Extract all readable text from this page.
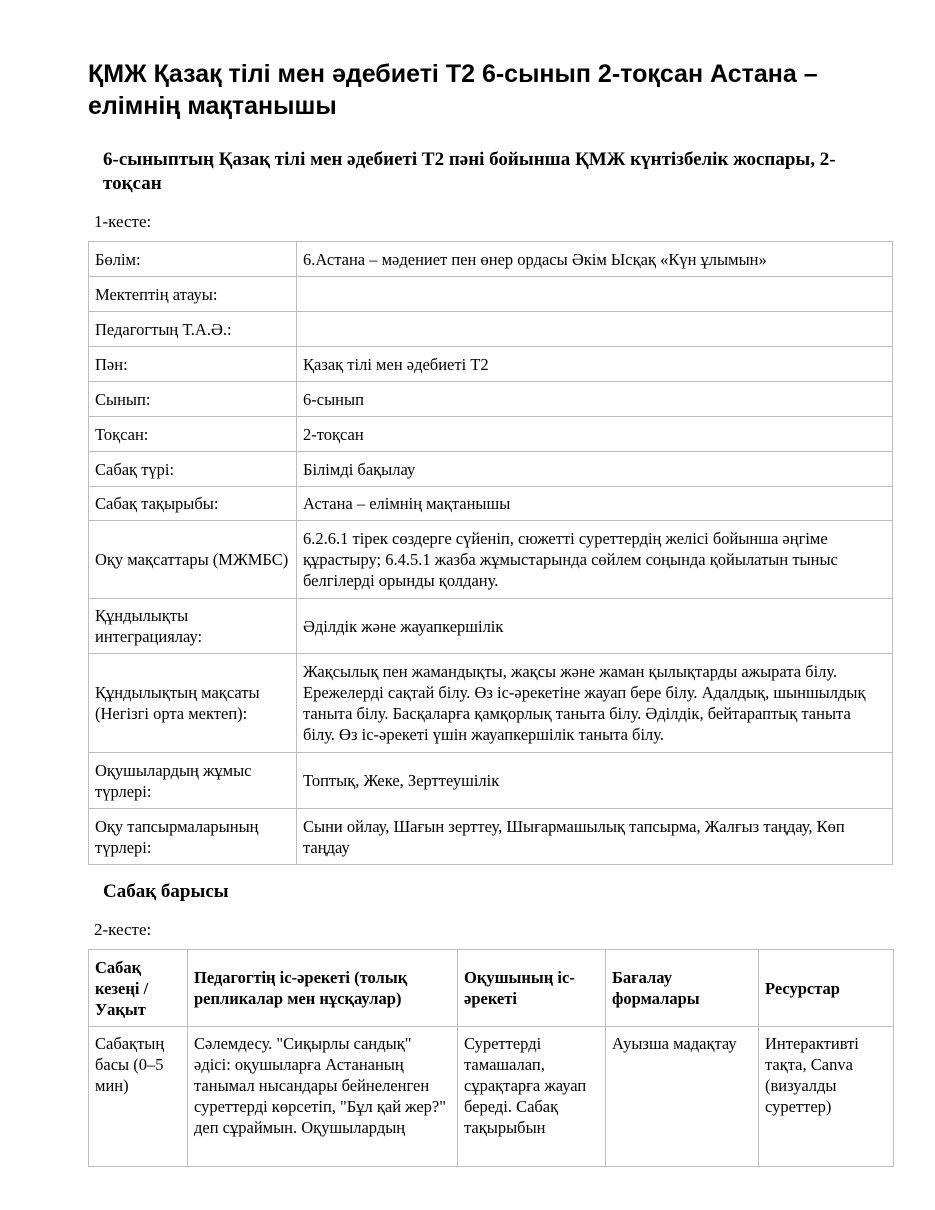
ҚМЖ Қазақ тілі мен әдебиеті Т2 6-сынып 2-тоқсан Астана – елімнің мақтанышы
6-сыныптың Қазақ тілі мен әдебиеті Т2 пәні бойынша ҚМЖ күнтізбелік жоспары, 2-тоқсан
1-кесте:
Бөлім:	6.Астана – мәдениет пен өнер ордасы Әкім Ысқақ «Күн ұлымын»
Мектептің атауы:	
Педагогтың Т.А.Ә.:	
Пән:	Қазақ тілі мен әдебиеті Т2
Сынып:	6-сынып
Тоқсан:	2-тоқсан
Сабақ түрі:	Білімді бақылау
Сабақ тақырыбы:	Астана – елімнің мақтанышы
Оқу мақсаттары (МЖМБС)	6.2.6.1 тірек сөздерге сүйеніп, сюжетті суреттердің желісі бойынша әңгіме құрастыру; 6.4.5.1 жазба жұмыстарында сөйлем соңында қойылатын тыныс белгілерді орынды қолдану.
Құндылықты интеграциялау:	Әділдік және жауапкершілік
Құндылықтың мақсаты (Негізгі орта мектеп):	Жақсылық пен жамандықты, жақсы және жаман қылықтарды ажырата білу. Ережелерді сақтай білу. Өз іс-әрекетіне жауап бере білу. Адалдық, шыншылдық таныта білу. Басқаларға қамқорлық таныта білу. Әділдік, бейтараптық таныта білу. Өз іс-әрекеті үшін жауапкершілік таныта білу.
Оқушылардың жұмыс түрлері:	Топтық, Жеке, Зерттеушілік
Оқу тапсырмаларының түрлері:	Сыни ойлау, Шағын зерттеу, Шығармашылық тапсырма, Жалғыз таңдау, Көп таңдау
Сабақ барысы
2-кесте:
Сабақ кезеңі / Уақыт	Педагогтің іс-әрекеті (толық репликалар мен нұсқаулар)	Оқушының іс-әрекеті	Бағалау формалары	Ресурстар
Сабақтың басы (0–5 мин)	Сәлемдесу. "Сиқырлы сандық" әдісі: оқушыларға Астананың танымал нысандары бейнеленген суреттерді көрсетіп, "Бұл қай жер?" деп сұраймын. Оқушылардың	Суреттерді тамашалап, сұрақтарға жауап береді. Сабақ тақырыбын	Ауызша мадақтау	Интерактивті тақта, Canva (визуалды суреттер)
